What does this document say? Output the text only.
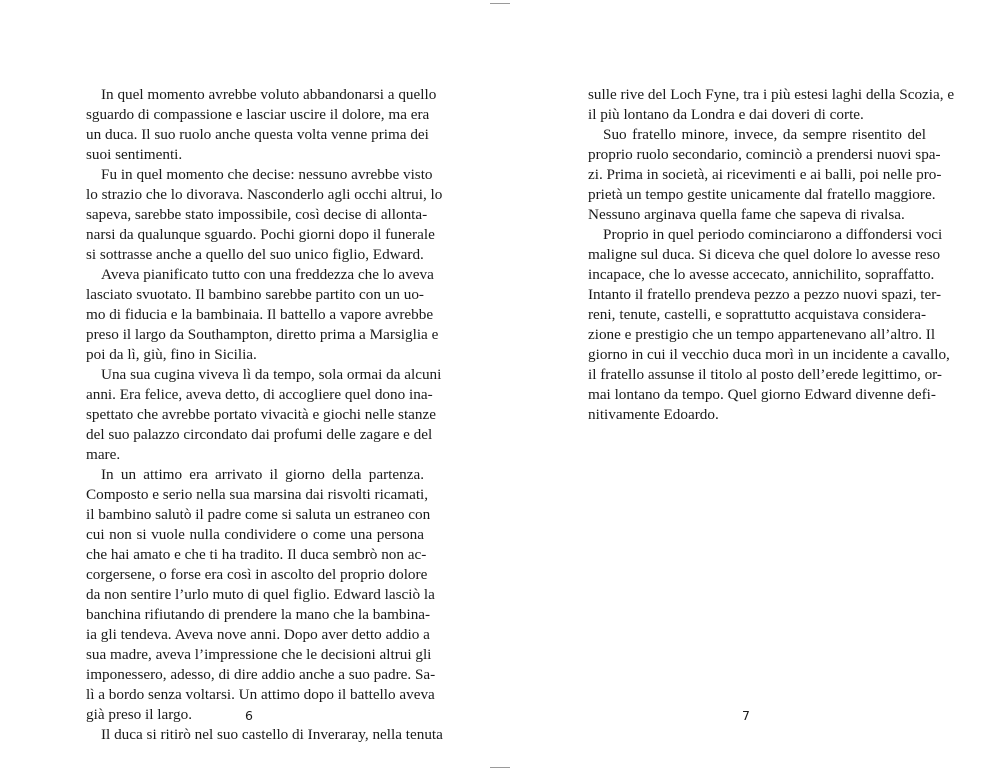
In quel momento avrebbe voluto abbandonarsi a quello
sguardo di compassione e lasciar uscire il dolore, ma era
un duca. Il suo ruolo anche questa volta venne prima dei
suoi sentimenti.
Fu in quel momento che decise: nessuno avrebbe visto
lo strazio che lo divorava. Nasconderlo agli occhi altrui, lo
sapeva, sarebbe stato impossibile, così decise di allonta-
narsi da qualunque sguardo. Pochi giorni dopo il funerale
si sottrasse anche a quello del suo unico figlio, Edward.
Aveva pianificato tutto con una freddezza che lo aveva
lasciato svuotato. Il bambino sarebbe partito con un uo-
mo di fiducia e la bambinaia. Il battello a vapore avrebbe
preso il largo da Southampton, diretto prima a Marsiglia e
poi da lì, giù, fino in Sicilia.
Una sua cugina viveva lì da tempo, sola ormai da alcuni
anni. Era felice, aveva detto, di accogliere quel dono ina-
spettato che avrebbe portato vivacità e giochi nelle stanze
del suo palazzo circondato dai profumi delle zagare e del
mare.
In un attimo era arrivato il giorno della partenza.
Composto e serio nella sua marsina dai risvolti ricamati,
il bambino salutò il padre come si saluta un estraneo con
cui non si vuole nulla condividere o come una persona
che hai amato e che ti ha tradito. Il duca sembrò non ac-
corgersene, o forse era così in ascolto del proprio dolore
da non sentire l’urlo muto di quel figlio. Edward lasciò la
banchina rifiutando di prendere la mano che la bambina-
ia gli tendeva. Aveva nove anni. Dopo aver detto addio a
sua madre, aveva l’impressione che le decisioni altrui gli
imponessero, adesso, di dire addio anche a suo padre. Sa-
lì a bordo senza voltarsi. Un attimo dopo il battello aveva
già preso il largo.
Il duca si ritirò nel suo castello di Inveraray, nella tenuta
sulle rive del Loch Fyne, tra i più estesi laghi della Scozia, e
il più lontano da Londra e dai doveri di corte.
Suo fratello minore, invece, da sempre risentito del
proprio ruolo secondario, cominciò a prendersi nuovi spa-
zi. Prima in società, ai ricevimenti e ai balli, poi nelle pro-
prietà un tempo gestite unicamente dal fratello maggiore.
Nessuno arginava quella fame che sapeva di rivalsa.
Proprio in quel periodo cominciarono a diffondersi voci
maligne sul duca. Si diceva che quel dolore lo avesse reso
incapace, che lo avesse accecato, annichilito, sopraffatto.
Intanto il fratello prendeva pezzo a pezzo nuovi spazi, ter-
reni, tenute, castelli, e soprattutto acquistava considera-
zione e prestigio che un tempo appartenevano all’altro. Il
giorno in cui il vecchio duca morì in un incidente a cavallo,
il fratello assunse il titolo al posto dell’erede legittimo, or-
mai lontano da tempo. Quel giorno Edward divenne defi-
nitivamente Edoardo.
6	7
